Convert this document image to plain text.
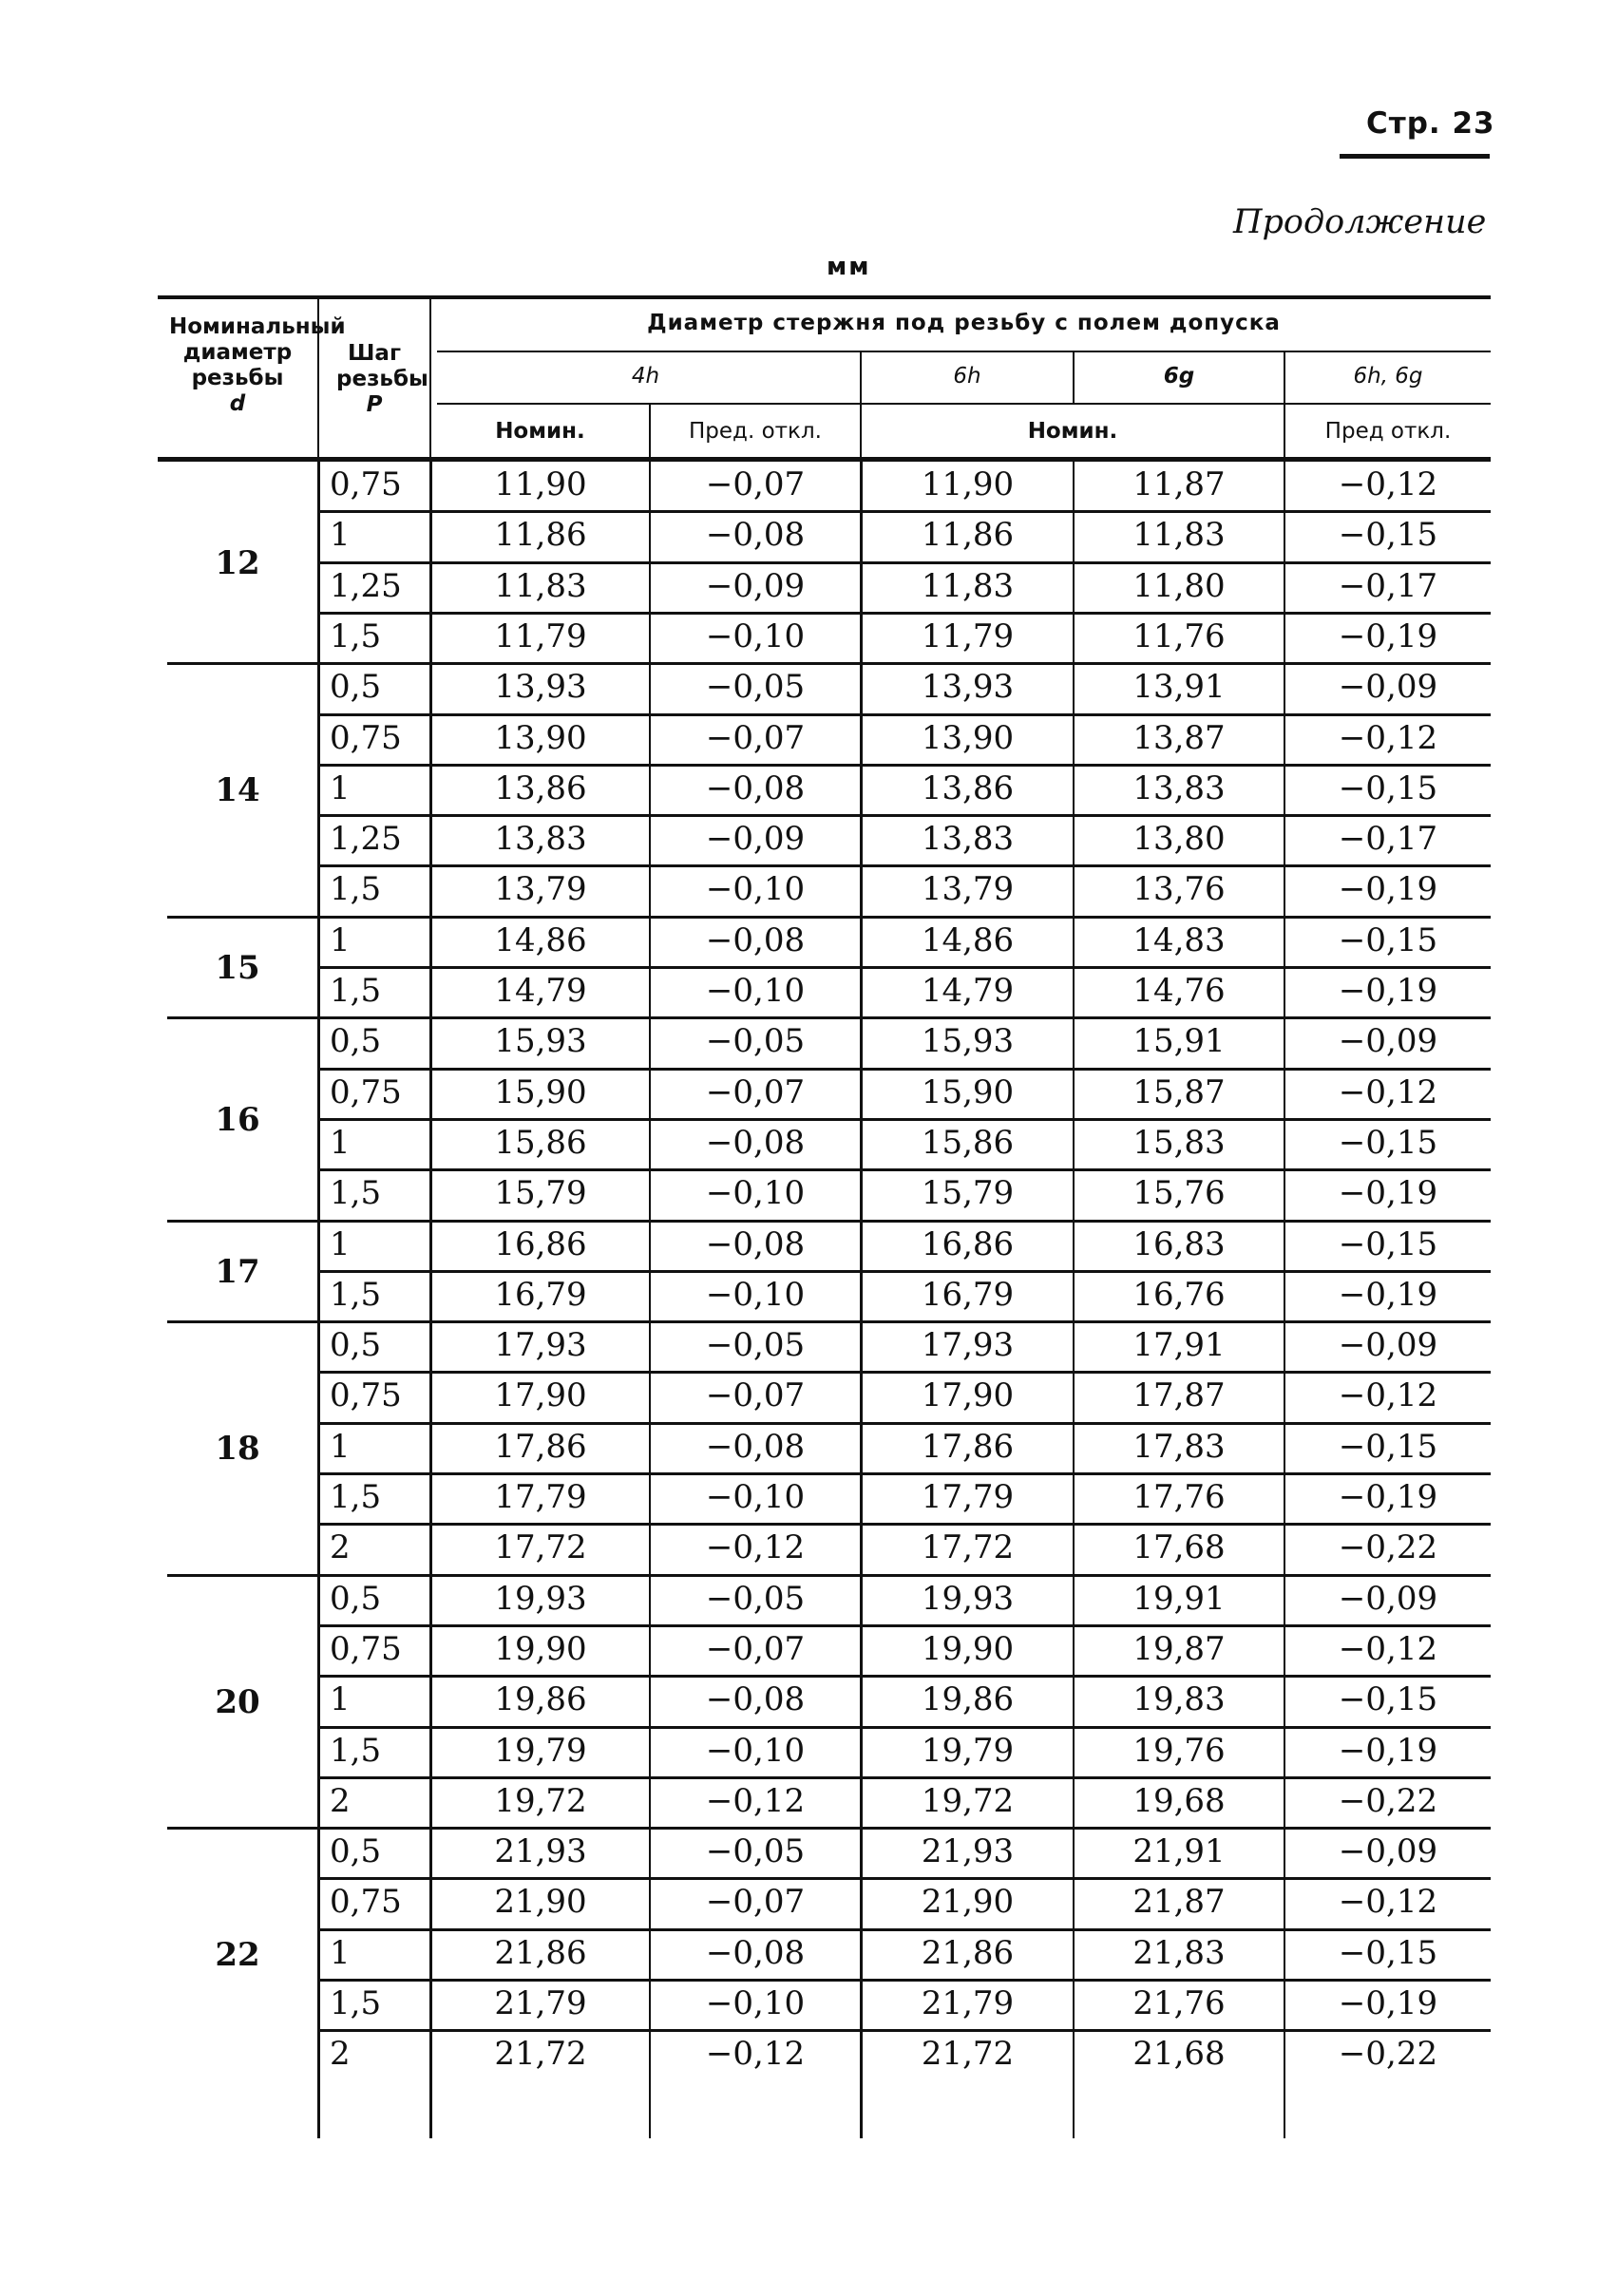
Стр. 23
Продолжение
мм
Номинальный диаметр резьбы
d
Шаг резьбы
P
Диаметр стержня под резьбу с полем допуска
4h	6h	6g	6h, 6g
Номин.	Пред. откл.	Номин.	Пред откл.
12
0,75	11,90	−0,07	11,90	11,87	−0,12
1	11,86	−0,08	11,86	11,83	−0,15
1,25	11,83	−0,09	11,83	11,80	−0,17
1,5	11,79	−0,10	11,79	11,76	−0,19
14
0,5	13,93	−0,05	13,93	13,91	−0,09
0,75	13,90	−0,07	13,90	13,87	−0,12
1	13,86	−0,08	13,86	13,83	−0,15
1,25	13,83	−0,09	13,83	13,80	−0,17
1,5	13,79	−0,10	13,79	13,76	−0,19
15
1	14,86	−0,08	14,86	14,83	−0,15
1,5	14,79	−0,10	14,79	14,76	−0,19
16
0,5	15,93	−0,05	15,93	15,91	−0,09
0,75	15,90	−0,07	15,90	15,87	−0,12
1	15,86	−0,08	15,86	15,83	−0,15
1,5	15,79	−0,10	15,79	15,76	−0,19
17
1	16,86	−0,08	16,86	16,83	−0,15
1,5	16,79	−0,10	16,79	16,76	−0,19
18
0,5	17,93	−0,05	17,93	17,91	−0,09
0,75	17,90	−0,07	17,90	17,87	−0,12
1	17,86	−0,08	17,86	17,83	−0,15
1,5	17,79	−0,10	17,79	17,76	−0,19
2	17,72	−0,12	17,72	17,68	−0,22
20
0,5	19,93	−0,05	19,93	19,91	−0,09
0,75	19,90	−0,07	19,90	19,87	−0,12
1	19,86	−0,08	19,86	19,83	−0,15
1,5	19,79	−0,10	19,79	19,76	−0,19
2	19,72	−0,12	19,72	19,68	−0,22
22
0,5	21,93	−0,05	21,93	21,91	−0,09
0,75	21,90	−0,07	21,90	21,87	−0,12
1	21,86	−0,08	21,86	21,83	−0,15
1,5	21,79	−0,10	21,79	21,76	−0,19
2	21,72	−0,12	21,72	21,68	−0,22
